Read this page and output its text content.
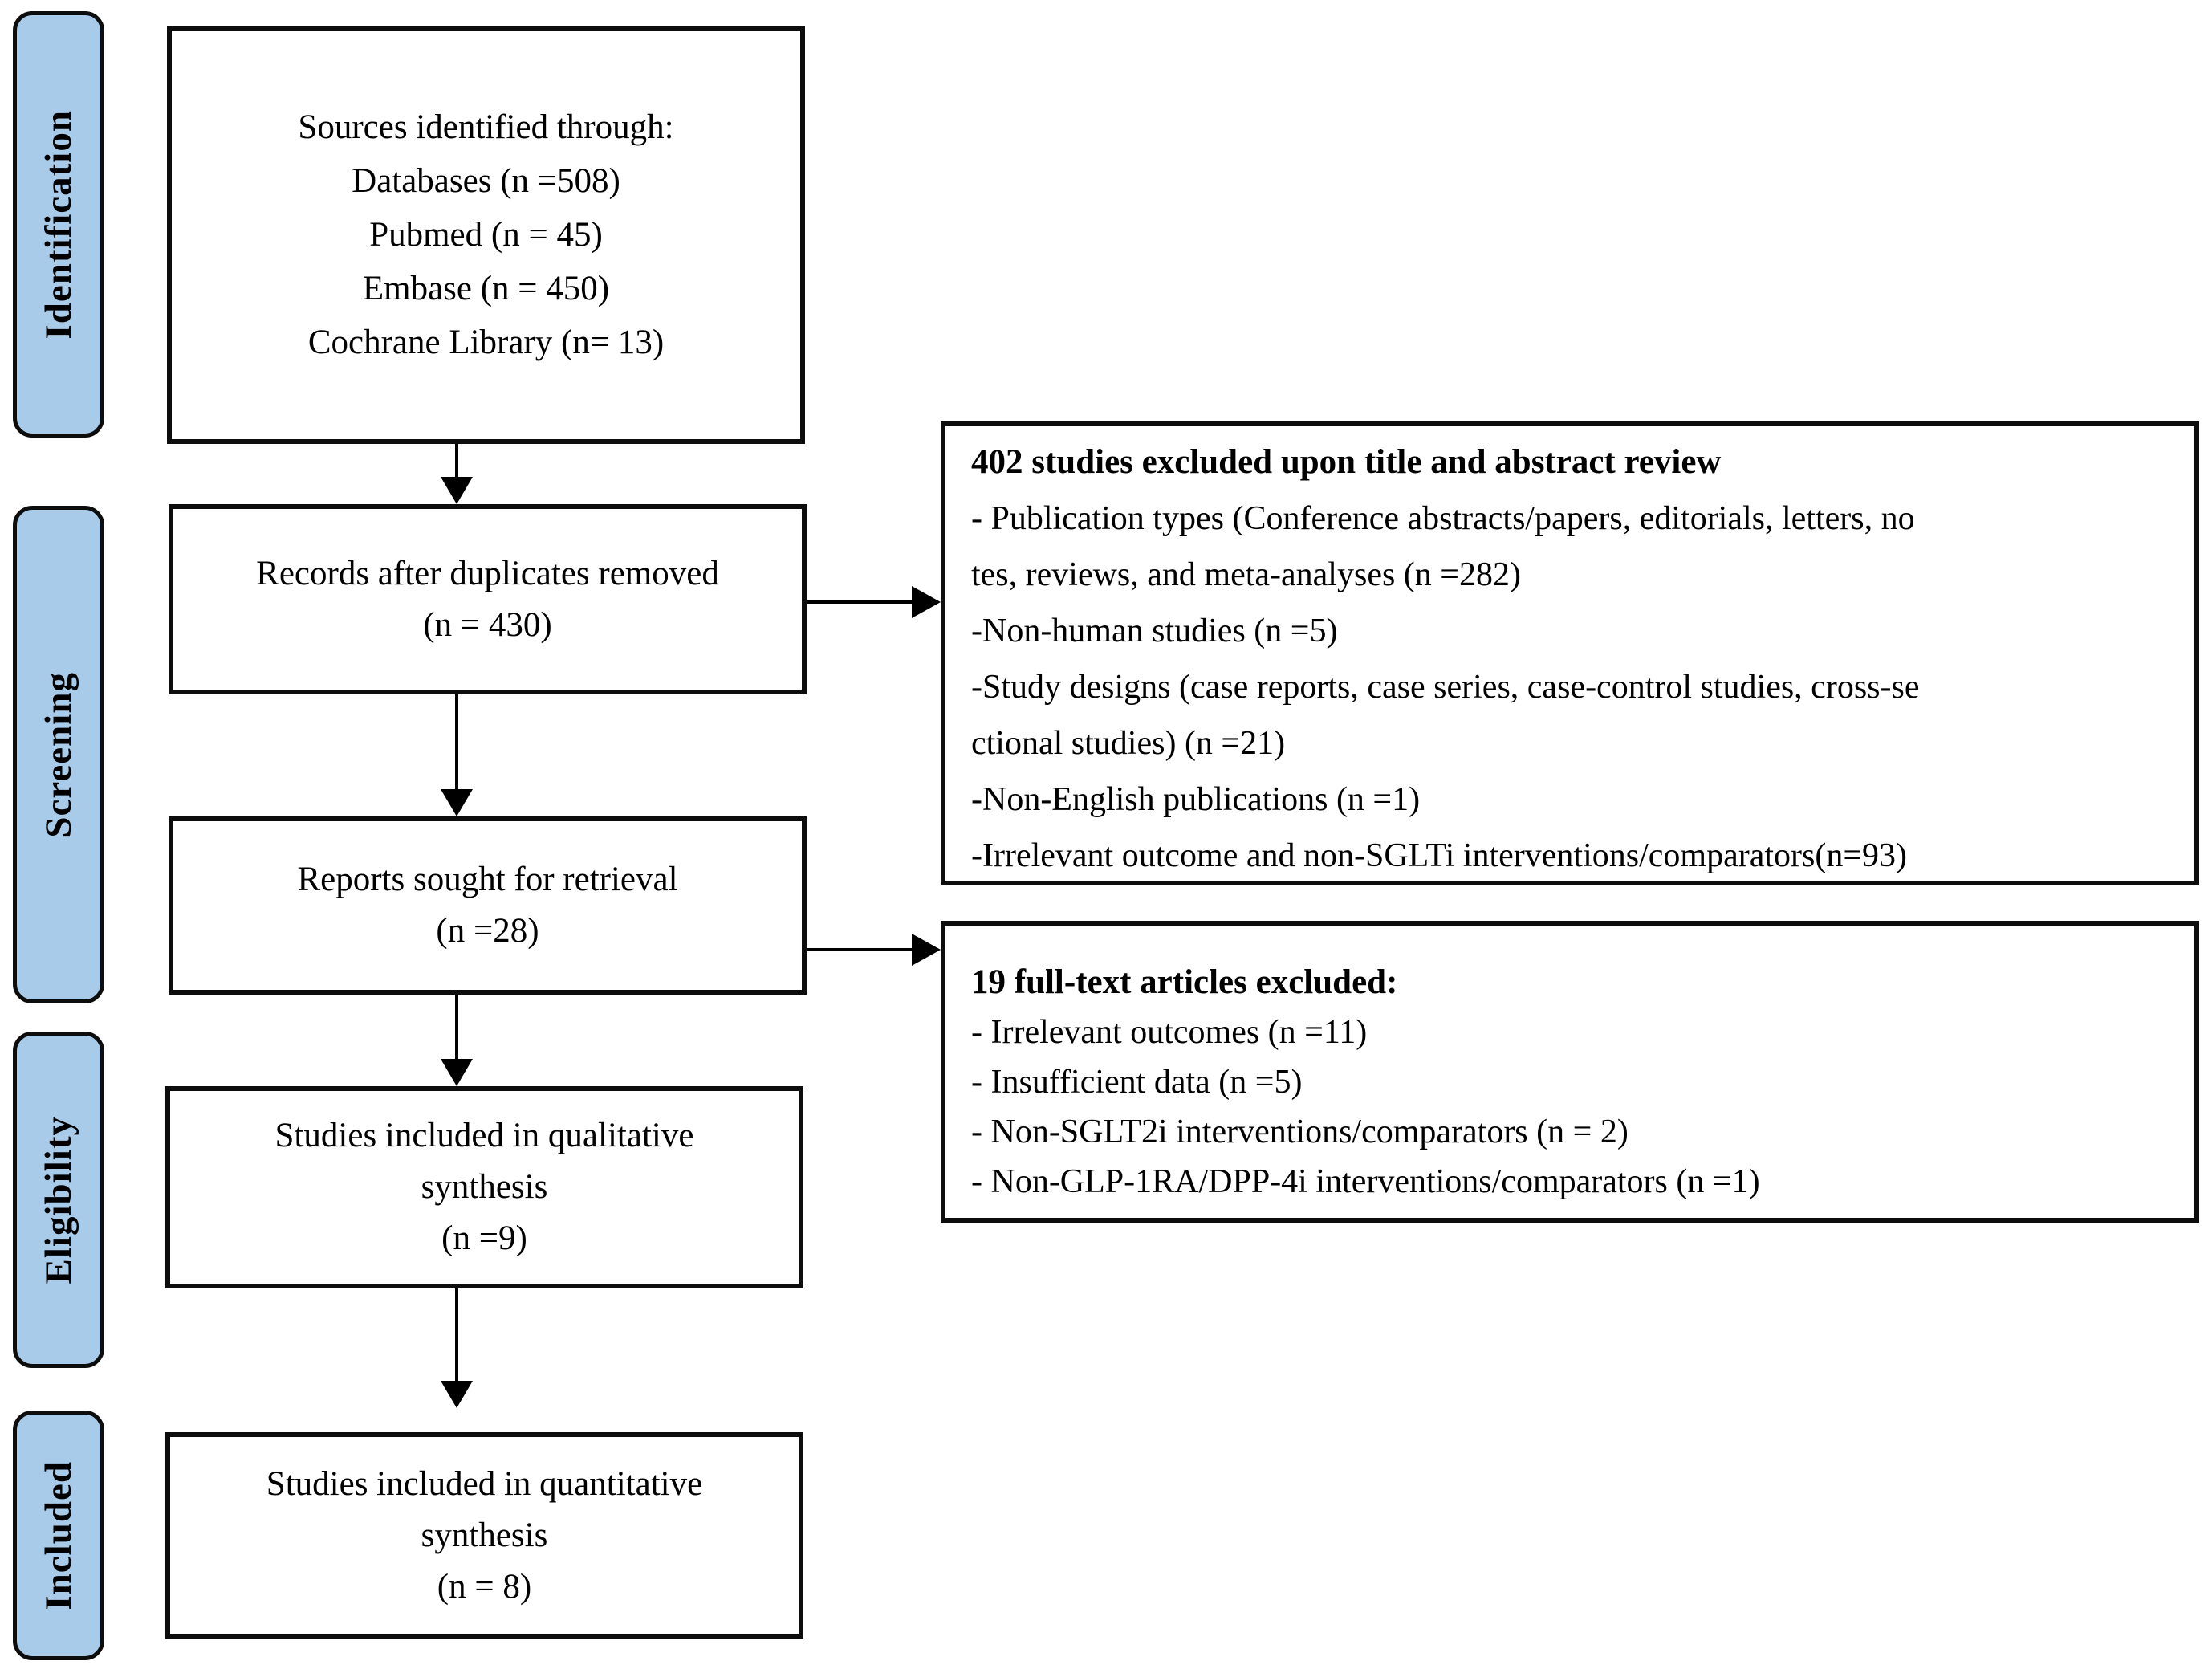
Identification
Screening
Eligibility
Included
Sources identified through:
Databases (n =508)
Pubmed (n = 45)
Embase (n = 450)
Cochrane Library (n= 13)
Records after duplicates removed
(n = 430)
Reports sought for retrieval
(n =28)
Studies included in qualitative
synthesis
(n =9)
Studies included in quantitative
synthesis
(n = 8)
402 studies excluded upon title and abstract review
- Publication types (Conference abstracts/papers, editorials, letters, no
tes, reviews, and meta-analyses (n =282)
-Non-human studies (n =5)
-Study designs (case reports, case series, case-control studies, cross-se
ctional studies) (n =21)
-Non-English publications (n =1)
-Irrelevant outcome and non-SGLTi interventions/comparators(n=93)
19 full-text articles excluded:
- Irrelevant outcomes (n =11)
- Insufficient data (n =5)
- Non-SGLT2i interventions/comparators (n = 2)
- Non-GLP-1RA/DPP-4i interventions/comparators (n =1)
